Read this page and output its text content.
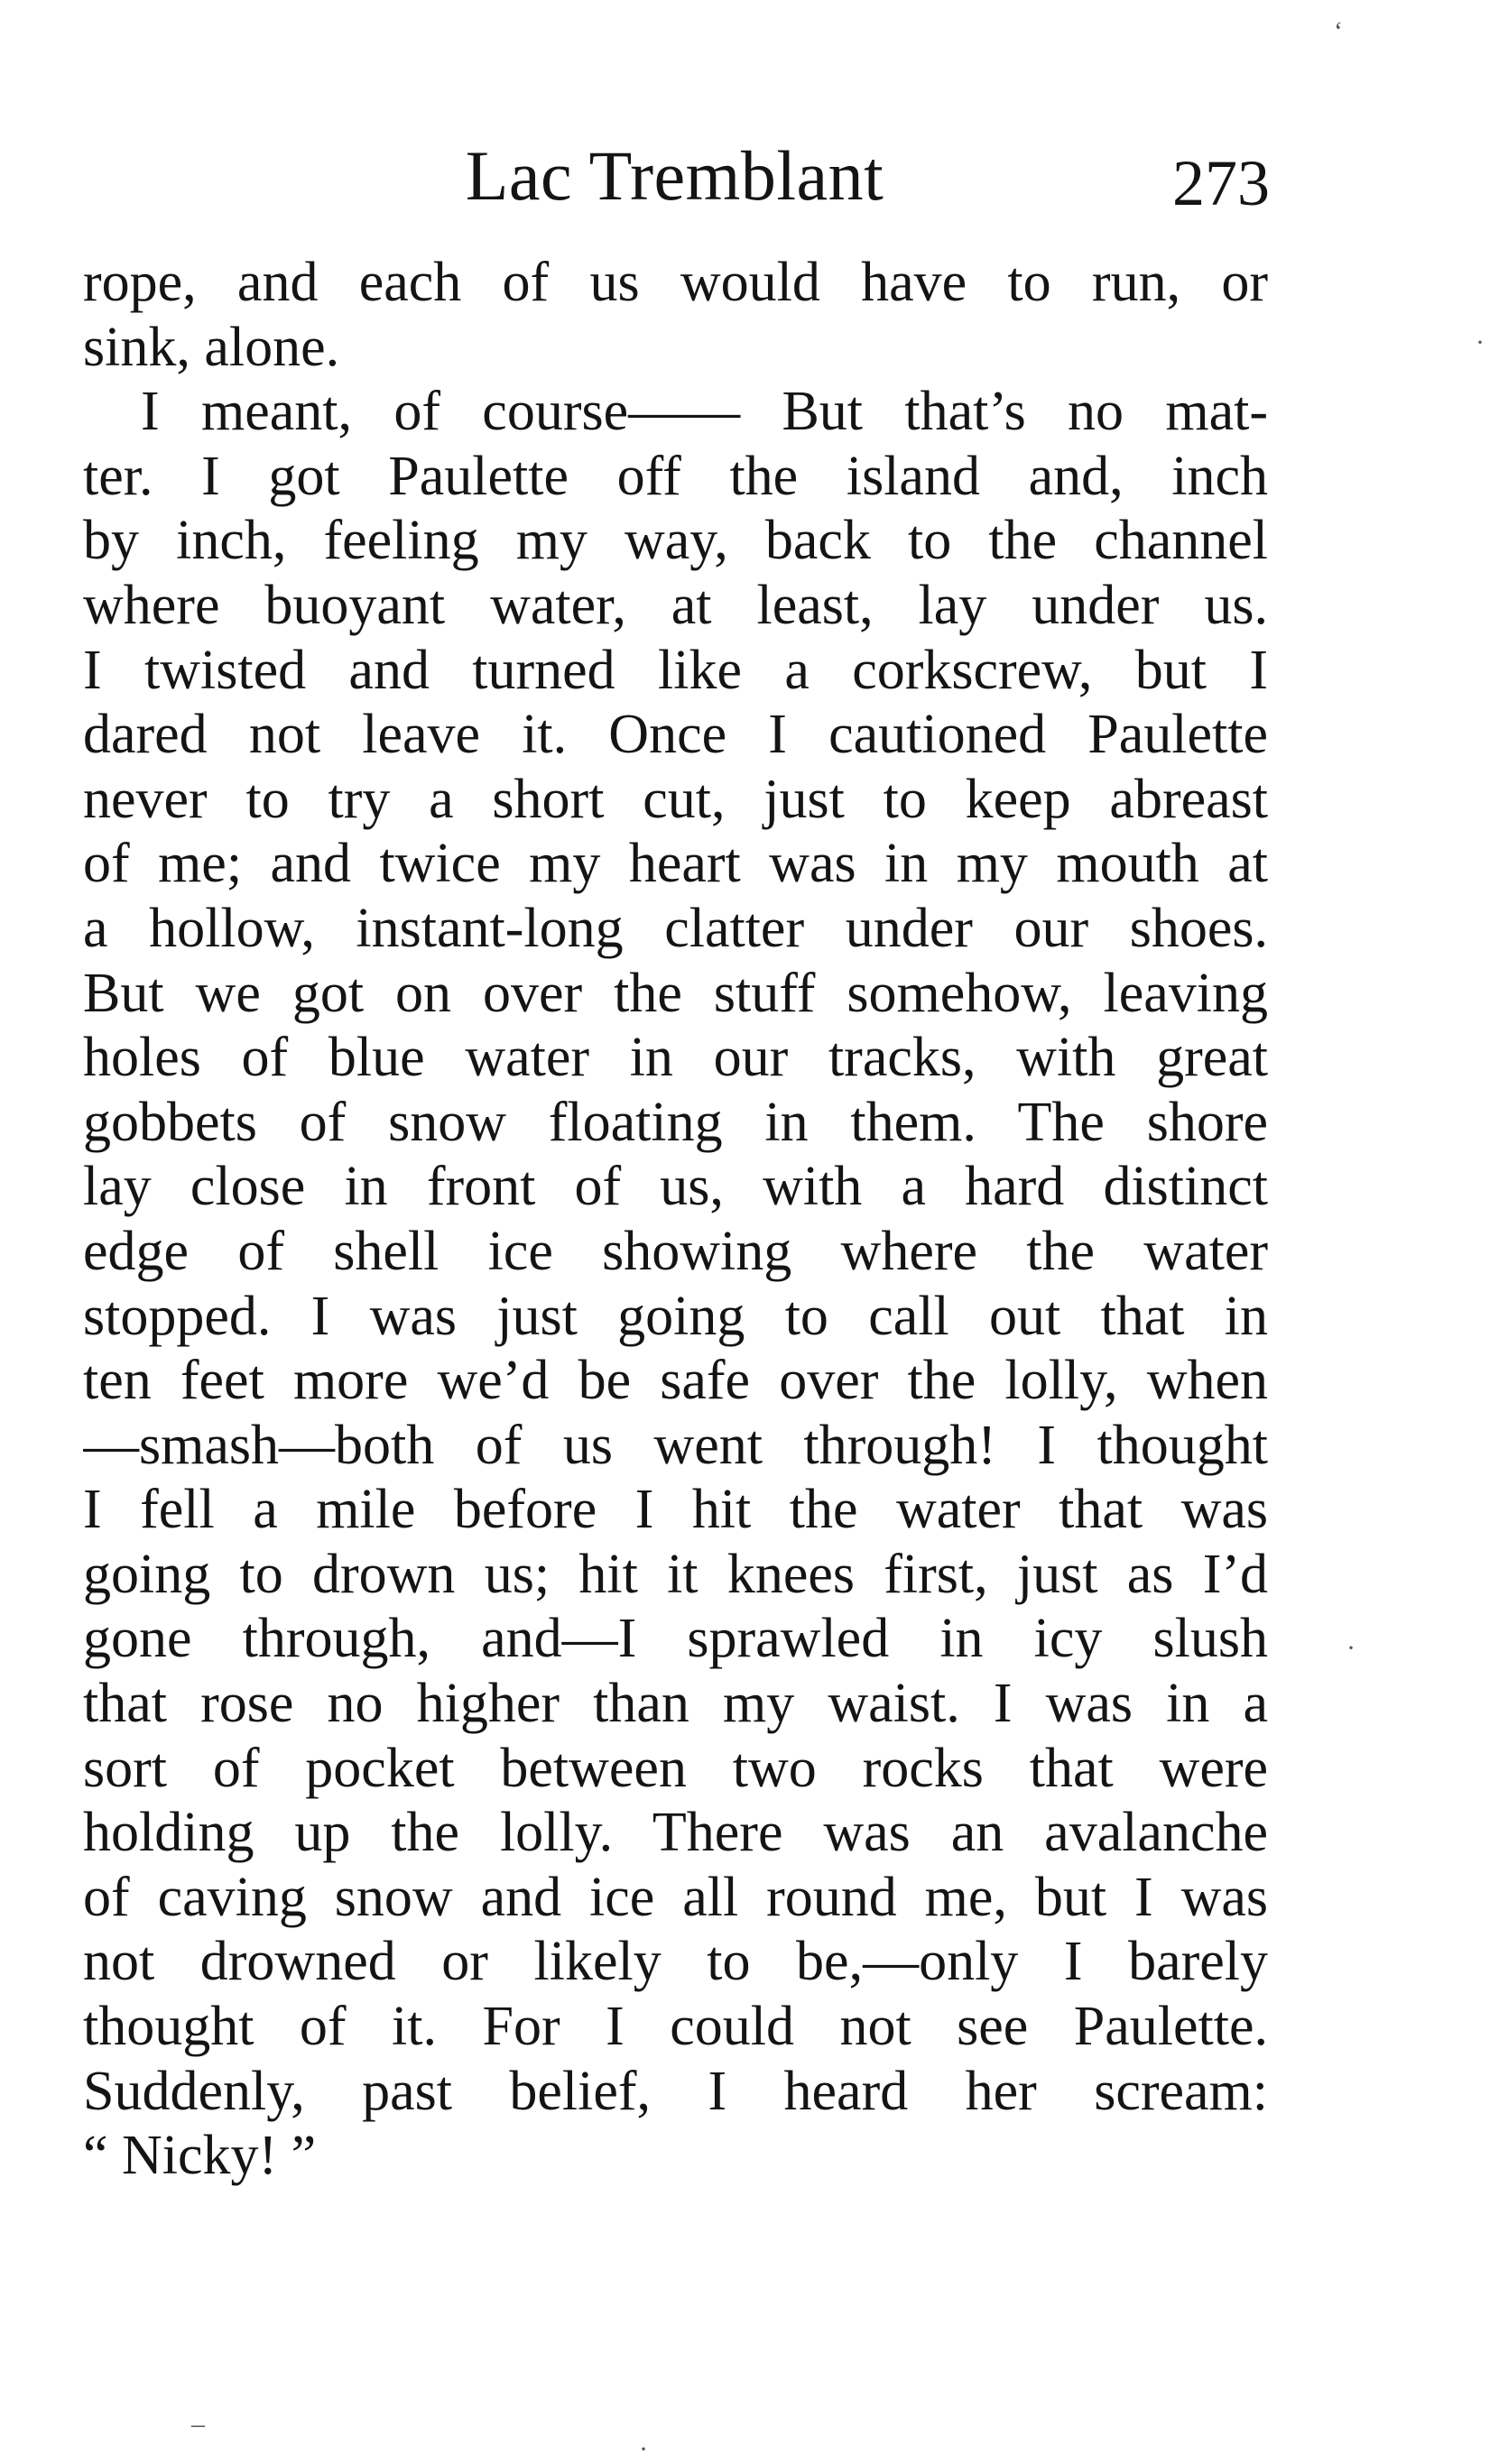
Lac Tremblant	273
rope, and each of us would have to run, or
sink, alone.
I meant, of course—— But that’s no mat-
ter. I got Paulette off the island and, inch
by inch, feeling my way, back to the channel
where buoyant water, at least, lay under us.
I twisted and turned like a corkscrew, but I
dared not leave it. Once I cautioned Paulette
never to try a short cut, just to keep abreast
of me; and twice my heart was in my mouth at
a hollow, instant-long clatter under our shoes.
But we got on over the stuff somehow, leaving
holes of blue water in our tracks, with great
gobbets of snow floating in them. The shore
lay close in front of us, with a hard distinct
edge of shell ice showing where the water
stopped. I was just going to call out that in
ten feet more we’d be safe over the lolly, when
—smash—both of us went through! I thought
I fell a mile before I hit the water that was
going to drown us; hit it knees first, just as I’d
gone through, and—I sprawled in icy slush
that rose no higher than my waist. I was in a
sort of pocket between two rocks that were
holding up the lolly. There was an avalanche
of caving snow and ice all round me, but I was
not drowned or likely to be,—only I barely
thought of it. For I could not see Paulette.
Suddenly, past belief, I heard her scream:
“ Nicky! ”
‘
·
·
–
·
